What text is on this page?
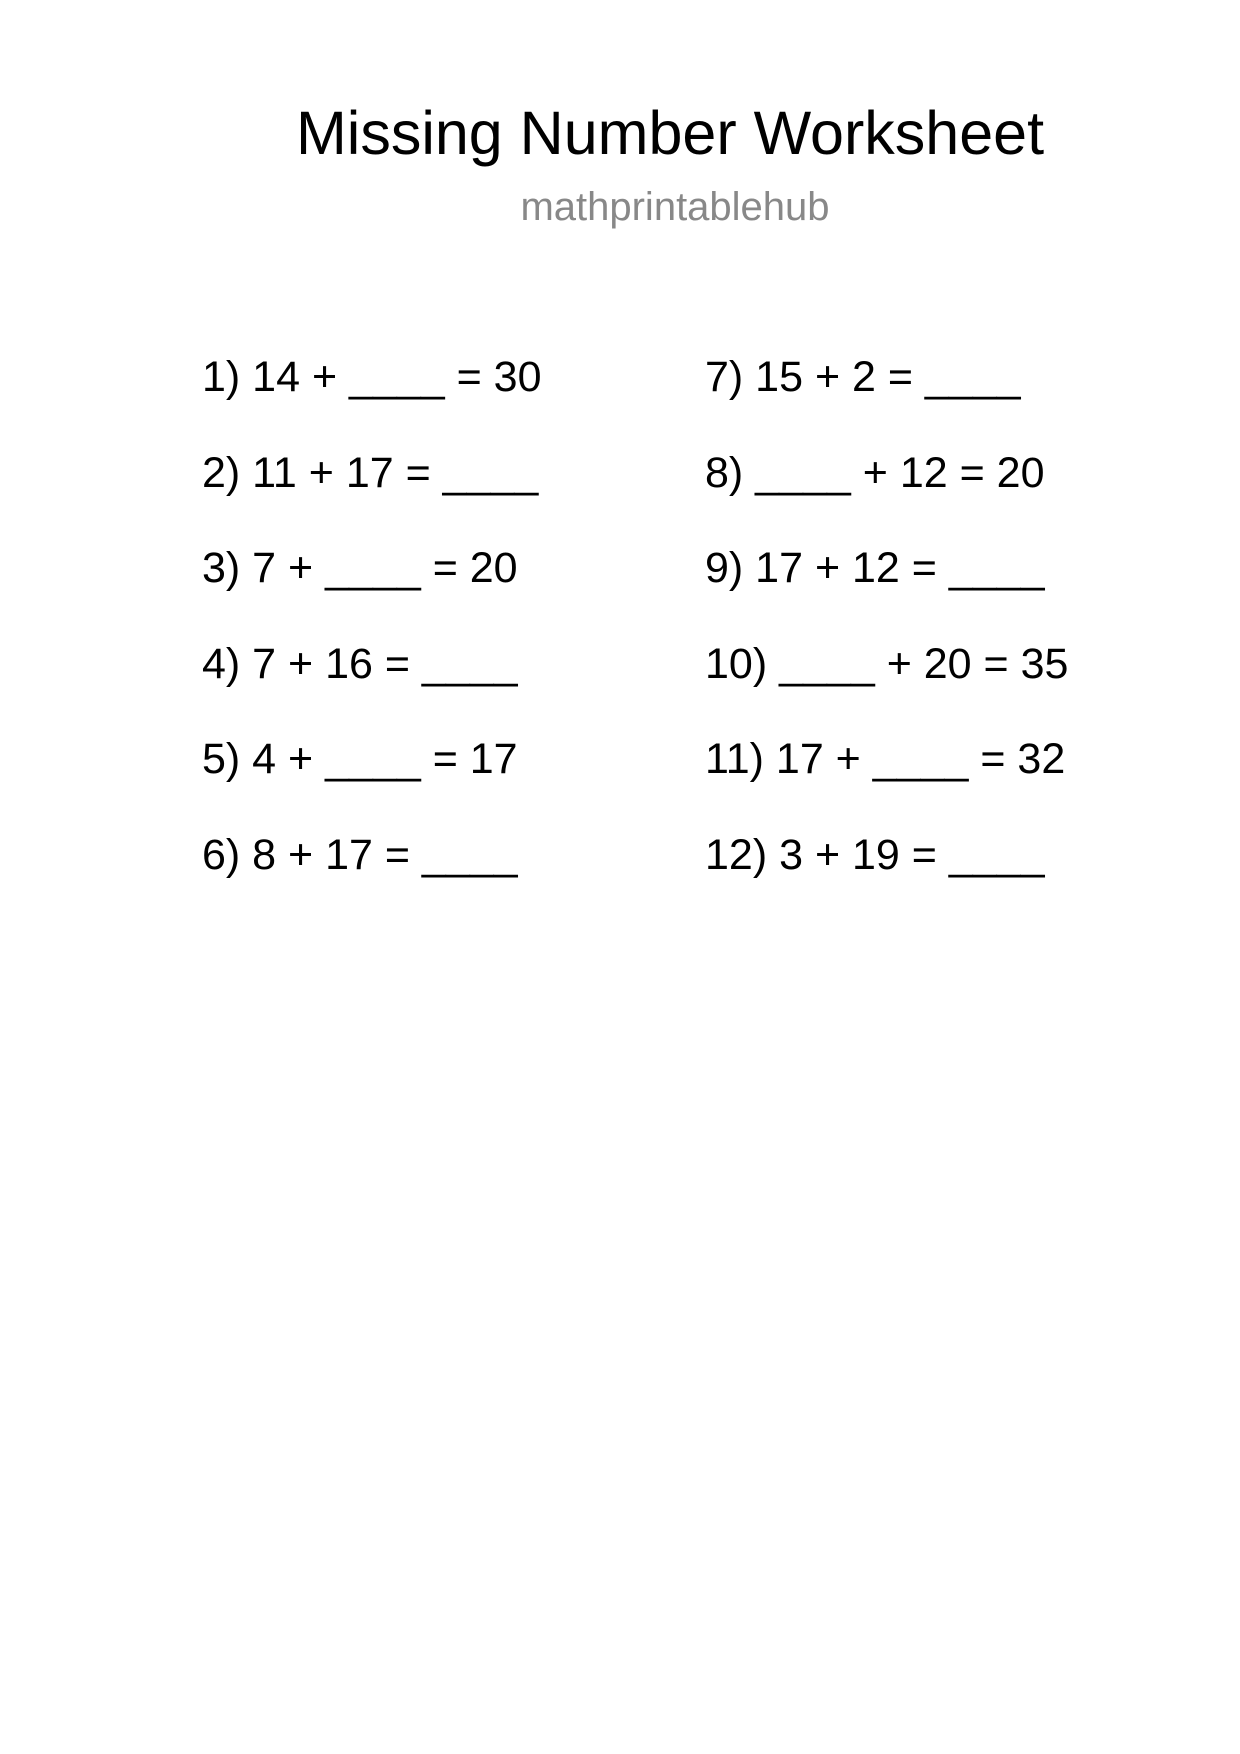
Missing Number Worksheet
mathprintablehub
1) 14 + ____ = 30
2) 11 + 17 = ____
3) 7 + ____ = 20
4) 7 + 16 = ____
5) 4 + ____ = 17
6) 8 + 17 = ____
7) 15 + 2 = ____
8) ____ + 12 = 20
9) 17 + 12 = ____
10) ____ + 20 = 35
11) 17 + ____ = 32
12) 3 + 19 = ____
